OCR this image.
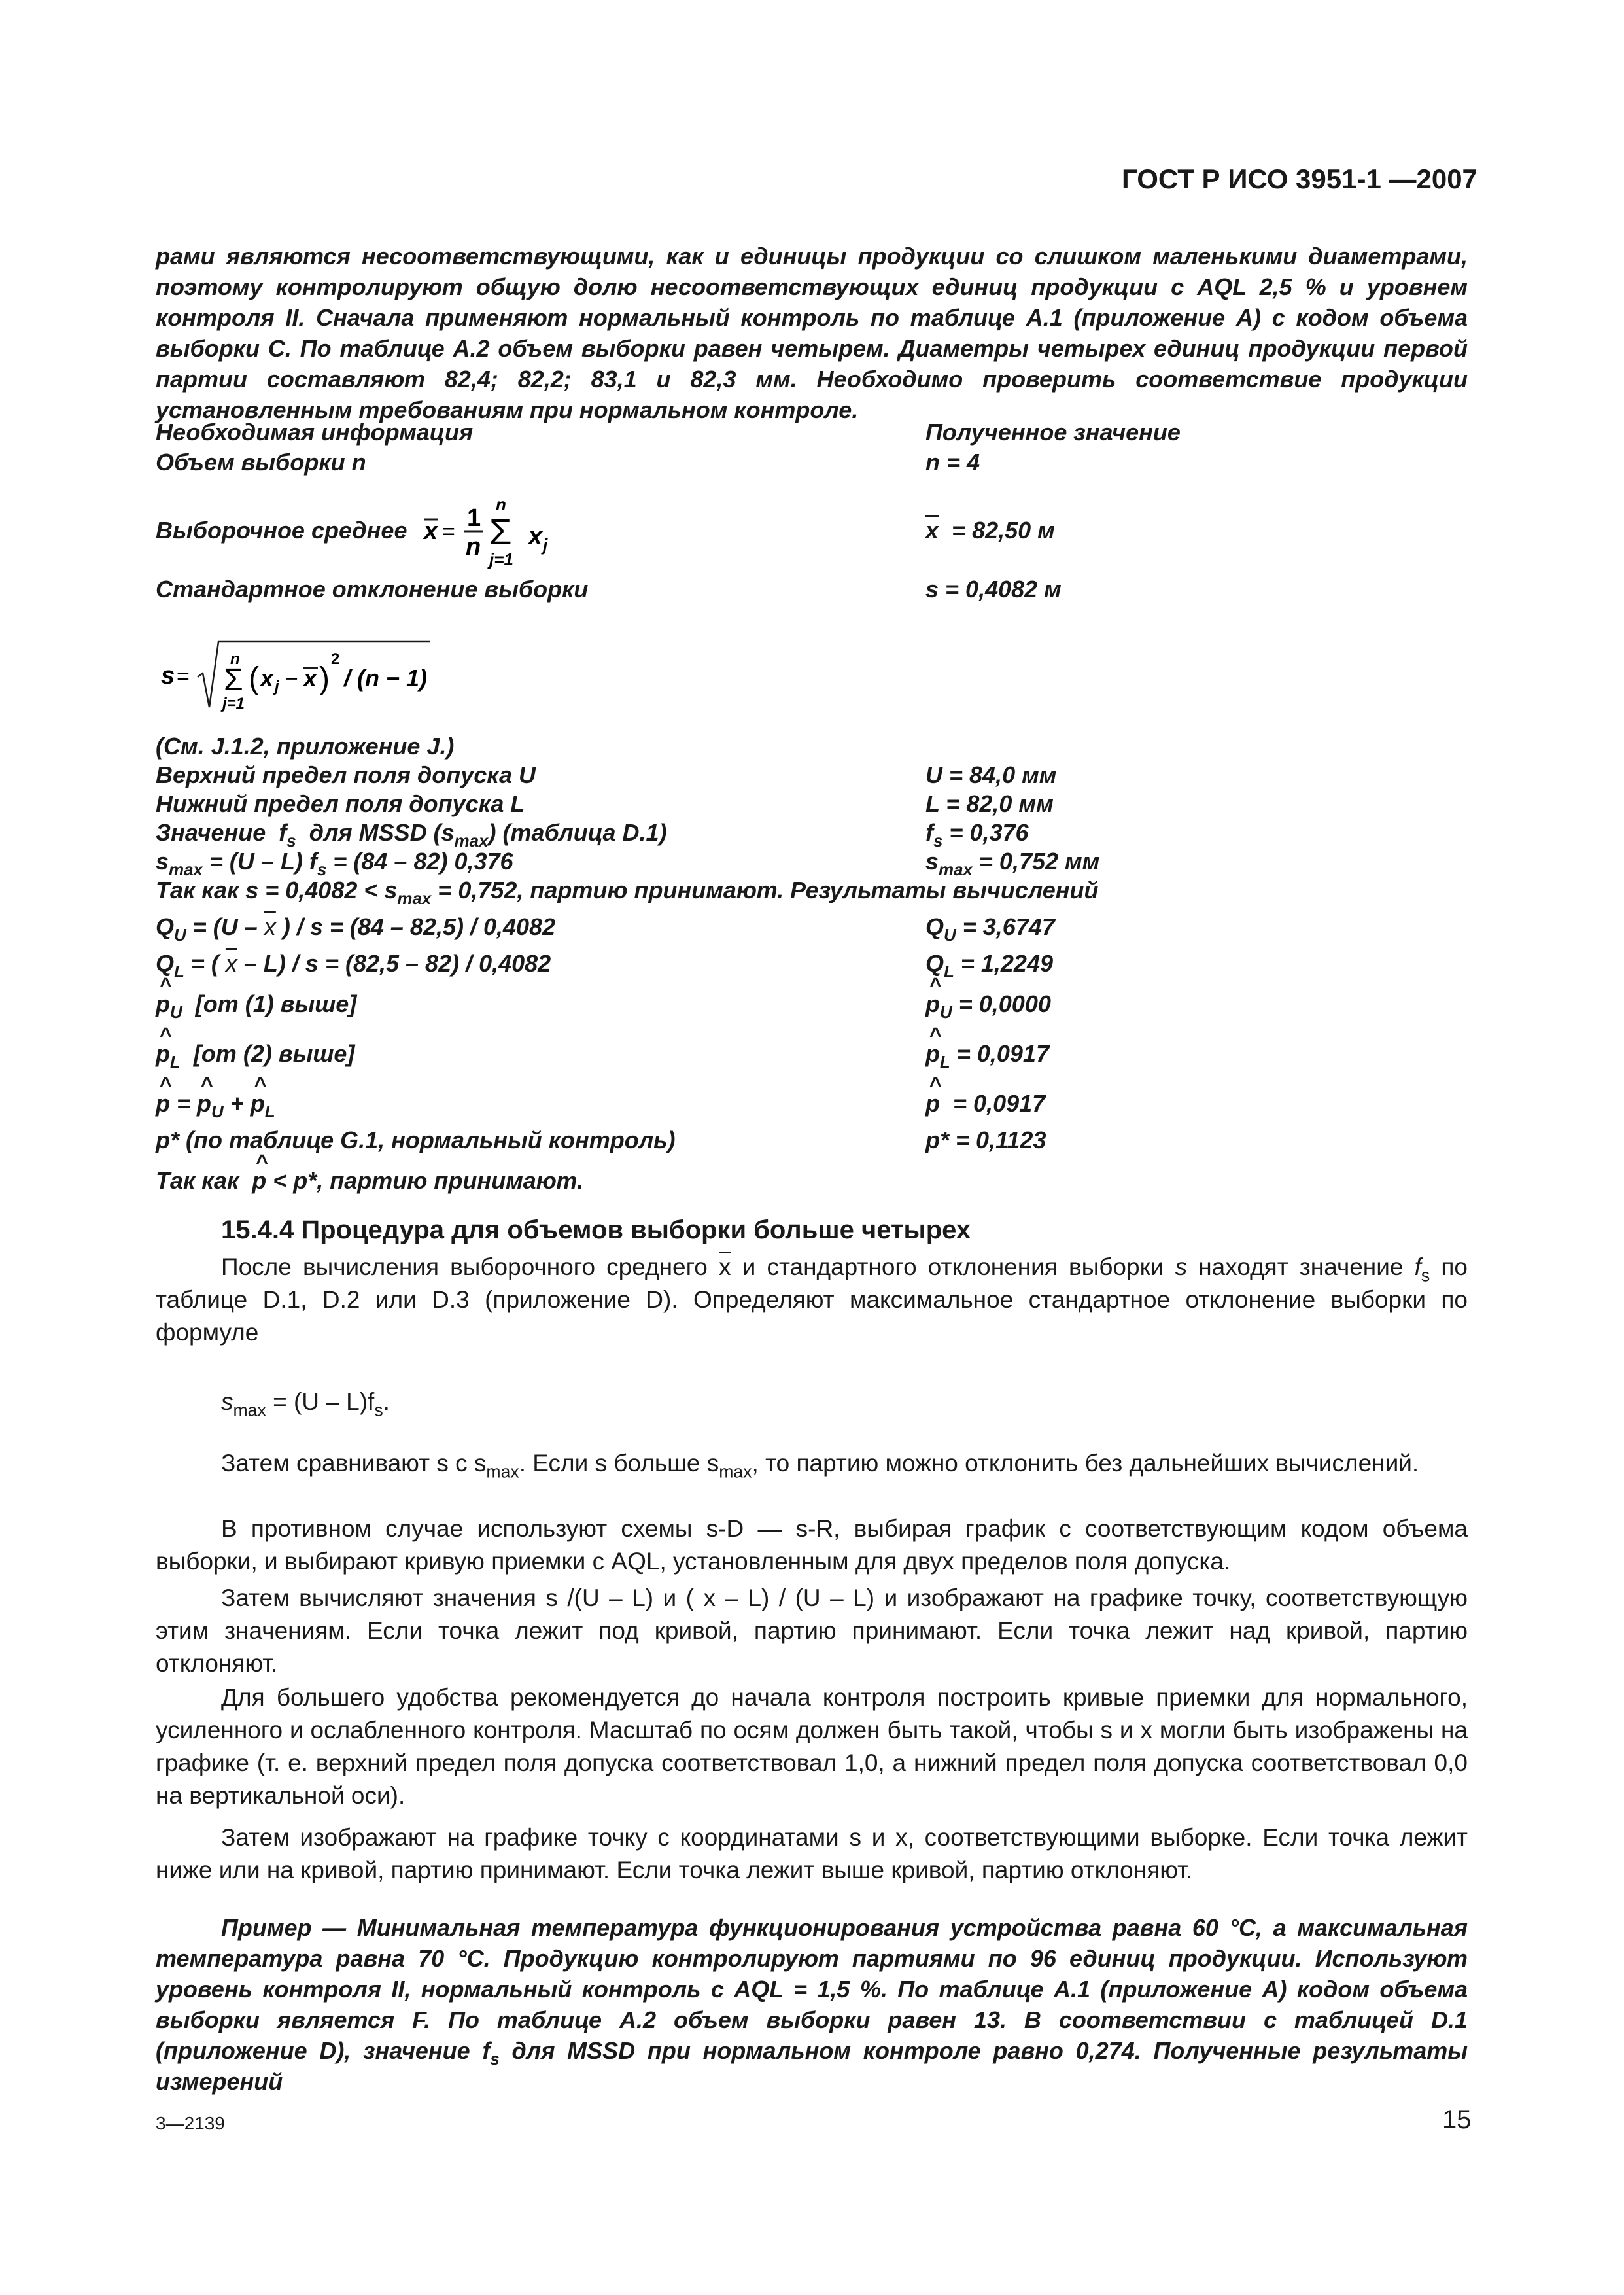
ГОСТ Р ИСО 3951-1 —2007
рами являются несоответствующими, как и единицы продукции со слишком маленькими диаметрами, поэтому контролируют общую долю несоответствующих единиц продукции с AQL 2,5 % и уровнем контроля II. Сначала применяют нормальный контроль по таблице А.1 (приложение А) с кодом объема выборки С. По таблице А.2 объем выборки равен четырем. Диаметры четырех единиц продукции первой партии составляют 82,4; 82,2; 83,1 и 82,3 мм. Необходимо проверить соответствие продукции установленным требованиям при нормальном контроле.
Необходимая информация	Полученное значение
Объем выборки n	n = 4
Выборочное среднее	$\overline{x} = 82,50$ м
x = 1
n
n
Σ
j=1
x j
Стандартное отклонение выборки	s = 0,4082 м
s =
n
Σ
j=1
( x j − x )
2
/ (n − 1)
(См. J.1.2, приложение J.)
Верхний предел поля допуска U	U = 84,0 мм
Нижний предел поля допуска L	L = 82,0 мм
Значение  $f_s$ для MSSD $(s_{max})$ (таблица D.1)	$f_s = 0,376$
$s_{max} = (U - L) f_s = (84 - 82)$ 0,376	$s_{max} = 0,752$ мм
Так как $s = 0,4082 < s_{max} = 0,752$, партию принимают. Результаты вычислений
$Q_U = (U - \overline{x}$ ) / s = (84 – 82,5) / 0,4082	$Q_U = 3,6747$
$Q_L$ = ( $\overline{x} - L) / s = (82,5 - 82) / 0,4082$	$Q_L = 1,2249$
^ $p_U$ [от (1) выше]	^ $p_U = 0,0000$
^ $p_L$ [от (2) выше]	^ $p_L = 0,0917$
^ p = ^ $p_U$ + ^ $p_L$	^ p = 0,0917
p* (по таблице G.1, нормальный контроль)	p* = 0,1123
Так как ^ p < p*, партию принимают.
15.4.4 Процедура для объемов выборки больше четырех
После вычисления выборочного среднего $\overline{x}$ и стандартного отклонения выборки s находят значение $f_s$ по таблице D.1, D.2 или D.3 (приложение D). Определяют максимальное стандартное отклонение выборки по формуле
$s_{max} = (U - L)f_s$.
Затем сравнивают s с $s_{max}$. Если s больше $s_{max}$, то партию можно отклонить без дальнейших вычислений.
В противном случае используют схемы s-D — s-R, выбирая график с соответствующим кодом объема выборки, и выбирают кривую приемки с AQL, установленным для двух пределов поля допуска.
Затем вычисляют значения s /(U – L) и ( x – L) / (U – L) и изображают на графике точку, соответствующую этим значениям. Если точка лежит под кривой, партию принимают. Если точка лежит над кривой, партию отклоняют.
Для большего удобства рекомендуется до начала контроля построить кривые приемки для нормального, усиленного и ослабленного контроля. Масштаб по осям должен быть такой, чтобы s и x могли быть изображены на графике (т. е. верхний предел поля допуска соответствовал 1,0, а нижний предел поля допуска соответствовал 0,0 на вертикальной оси).
Затем изображают на графике точку с координатами s и x, соответствующими выборке. Если точка лежит ниже или на кривой, партию принимают. Если точка лежит выше кривой, партию отклоняют.
Пример — Минимальная температура функционирования устройства равна 60 °С, а максимальная температура равна 70 °С. Продукцию контролируют партиями по 96 единиц продукции. Используют уровень контроля II, нормальный контроль с AQL = 1,5 %. По таблице А.1 (приложение А) кодом объема выборки является F. По таблице А.2 объем выборки равен 13. В соответствии с таблицей D.1 (приложение D), значение $f_s$ для MSSD при нормальном контроле равно 0,274. Полученные результаты измерений
3—2139	15
